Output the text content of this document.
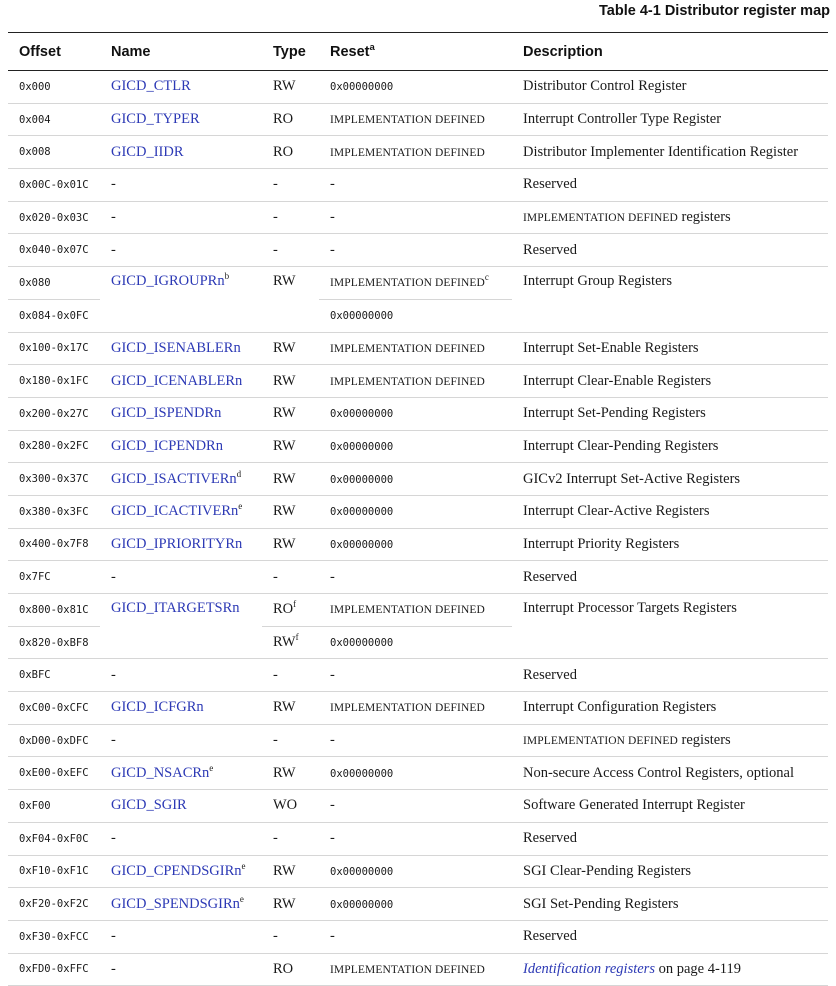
Table 4-1 Distributor register map
Offset	Name	Type	Reset$^a$	Description
0x000	GICD_CTLR	RW	0x00000000	Distributor Control Register
0x004	GICD_TYPER	RO	IMPLEMENTATION DEFINED	Interrupt Controller Type Register
0x008	GICD_IIDR	RO	IMPLEMENTATION DEFINED	Distributor Implementer Identification Register
0x00C-0x01C	-	-	-	Reserved
0x020-0x03C	-	-	-	IMPLEMENTATION DEFINED registers
0x040-0x07C	-	-	-	Reserved
0x080	GICD_IGROUPRn$^b$	RW	IMPLEMENTATION DEFINED$^c$	Interrupt Group Registers
0x084-0x0FC			0x00000000	
0x100-0x17C	GICD_ISENABLERn	RW	IMPLEMENTATION DEFINED	Interrupt Set-Enable Registers
0x180-0x1FC	GICD_ICENABLERn	RW	IMPLEMENTATION DEFINED	Interrupt Clear-Enable Registers
0x200-0x27C	GICD_ISPENDRn	RW	0x00000000	Interrupt Set-Pending Registers
0x280-0x2FC	GICD_ICPENDRn	RW	0x00000000	Interrupt Clear-Pending Registers
0x300-0x37C	GICD_ISACTIVERn$^d$	RW	0x00000000	GICv2 Interrupt Set-Active Registers
0x380-0x3FC	GICD_ICACTIVERn$^e$	RW	0x00000000	Interrupt Clear-Active Registers
0x400-0x7F8	GICD_IPRIORITYRn	RW	0x00000000	Interrupt Priority Registers
0x7FC	-	-	-	Reserved
0x800-0x81C	GICD_ITARGETSRn	$RO^f$	IMPLEMENTATION DEFINED	Interrupt Processor Targets Registers
0x820-0xBF8		$RW^f$	0x00000000	
0xBFC	-	-	-	Reserved
0xC00-0xCFC	GICD_ICFGRn	RW	IMPLEMENTATION DEFINED	Interrupt Configuration Registers
0xD00-0xDFC	-	-	-	IMPLEMENTATION DEFINED registers
0xE00-0xEFC	GICD_NSACRn$^e$	RW	0x00000000	Non-secure Access Control Registers, optional
0xF00	GICD_SGIR	WO	-	Software Generated Interrupt Register
0xF04-0xF0C	-	-	-	Reserved
0xF10-0xF1C	GICD_CPENDSGIRn$^e$	RW	0x00000000	SGI Clear-Pending Registers
0xF20-0xF2C	GICD_SPENDSGIRn$^e$	RW	0x00000000	SGI Set-Pending Registers
0xF30-0xFCC	-	-	-	Reserved
0xFD0-0xFFC	-	RO	IMPLEMENTATION DEFINED	Identification registers on page 4-119
